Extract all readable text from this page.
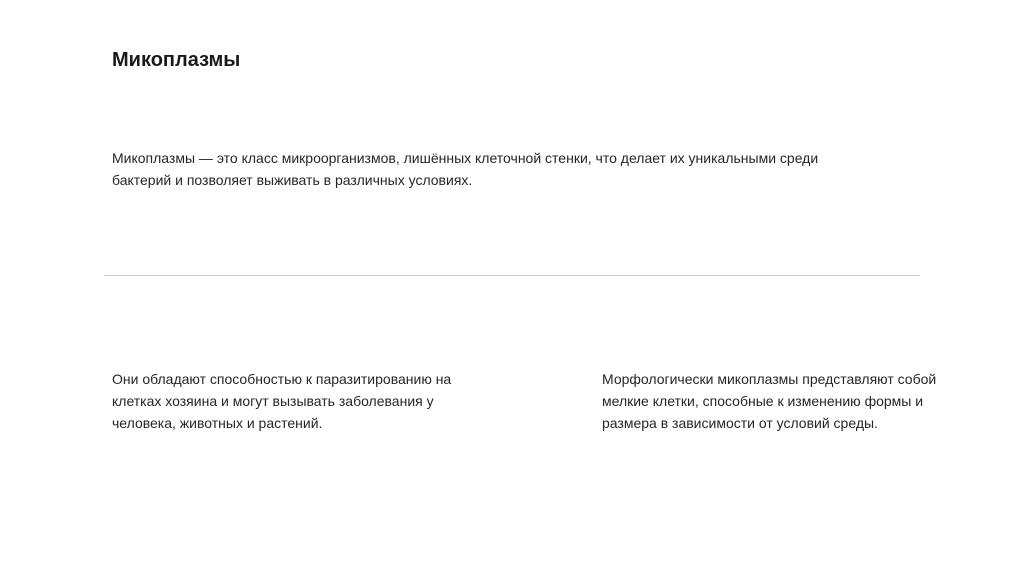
Микоплазмы

Микоплазмы — это класс микроорганизмов, лишённых клеточной стенки, что делает их уникальными среди бактерий и позволяет выживать в различных условиях.

Они обладают способностью к паразитированию на клетках хозяина и могут вызывать заболевания у человека, животных и растений.

Морфологически микоплазмы представляют собой мелкие клетки, способные к изменению формы и размера в зависимости от условий среды.
